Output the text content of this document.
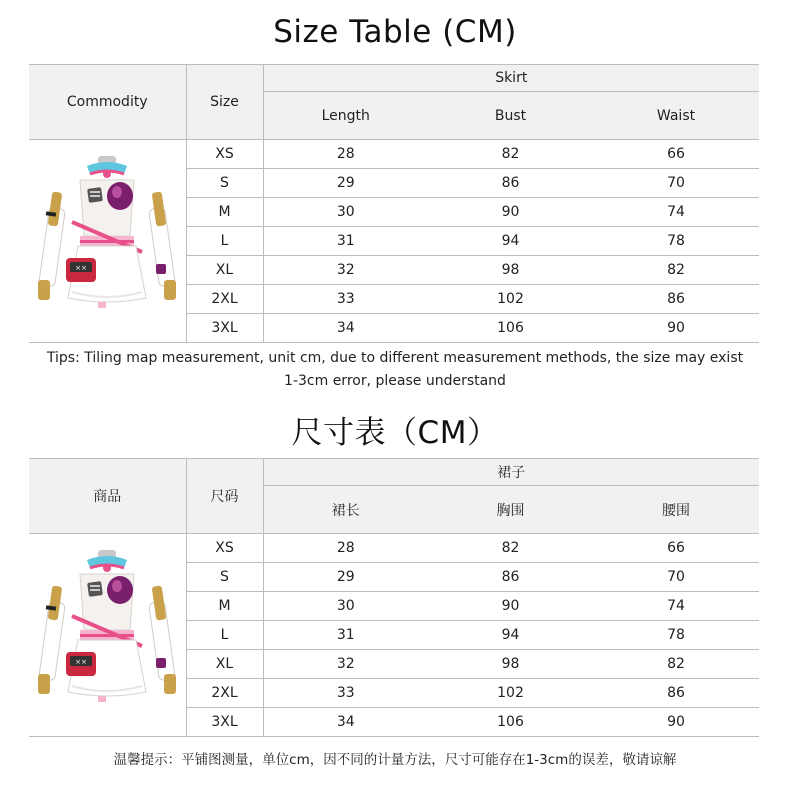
Size Table (CM)
Commodity	Size	Skirt		
		Length	Bust	Waist

××	XS	28	82	66
	S	29	86	70
	M	30	90	74
	L	31	94	78
	XL	32	98	82
	2XL	33	102	86
	3XL	34	106	90
Tips: Tiling map measurement, unit cm, due to different measurement methods, the size may exist
1-3cm error, please understand
尺寸表（CM）
商品	尺码	裙子		
		裙长	胸围	腰围

××	XS	28	82	66
	S	29	86	70
	M	30	90	74
	L	31	94	78
	XL	32	98	82
	2XL	33	102	86
	3XL	34	106	90
温馨提示：平铺图测量，单位cm，因不同的计量方法，尺寸可能存在1-3cm的误差，敬请谅解
